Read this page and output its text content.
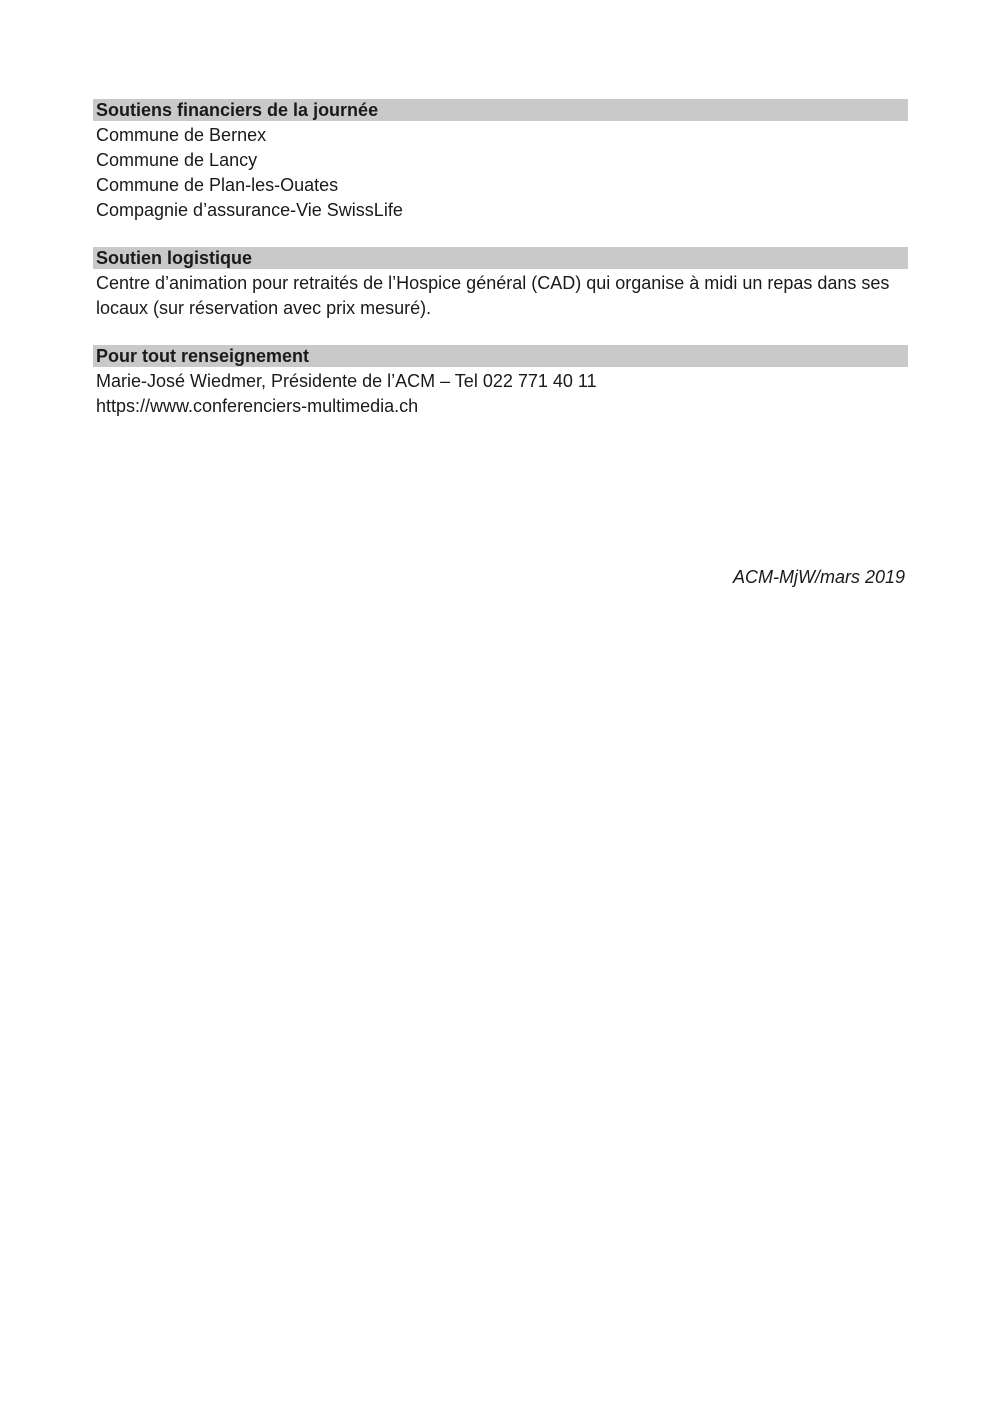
Soutiens financiers de la journée

Commune de Bernex

Commune de Lancy

Commune de Plan-les-Ouates

Compagnie d’assurance-Vie SwissLife

Soutien logistique

Centre d’animation pour retraités de l’Hospice général (CAD) qui organise à midi un repas dans ses locaux (sur réservation avec prix mesuré).

Pour tout renseignement

Marie-José Wiedmer, Présidente de l’ACM – Tel 022 771 40 11

https://www.conferenciers-multimedia.ch

ACM-MjW/mars 2019
